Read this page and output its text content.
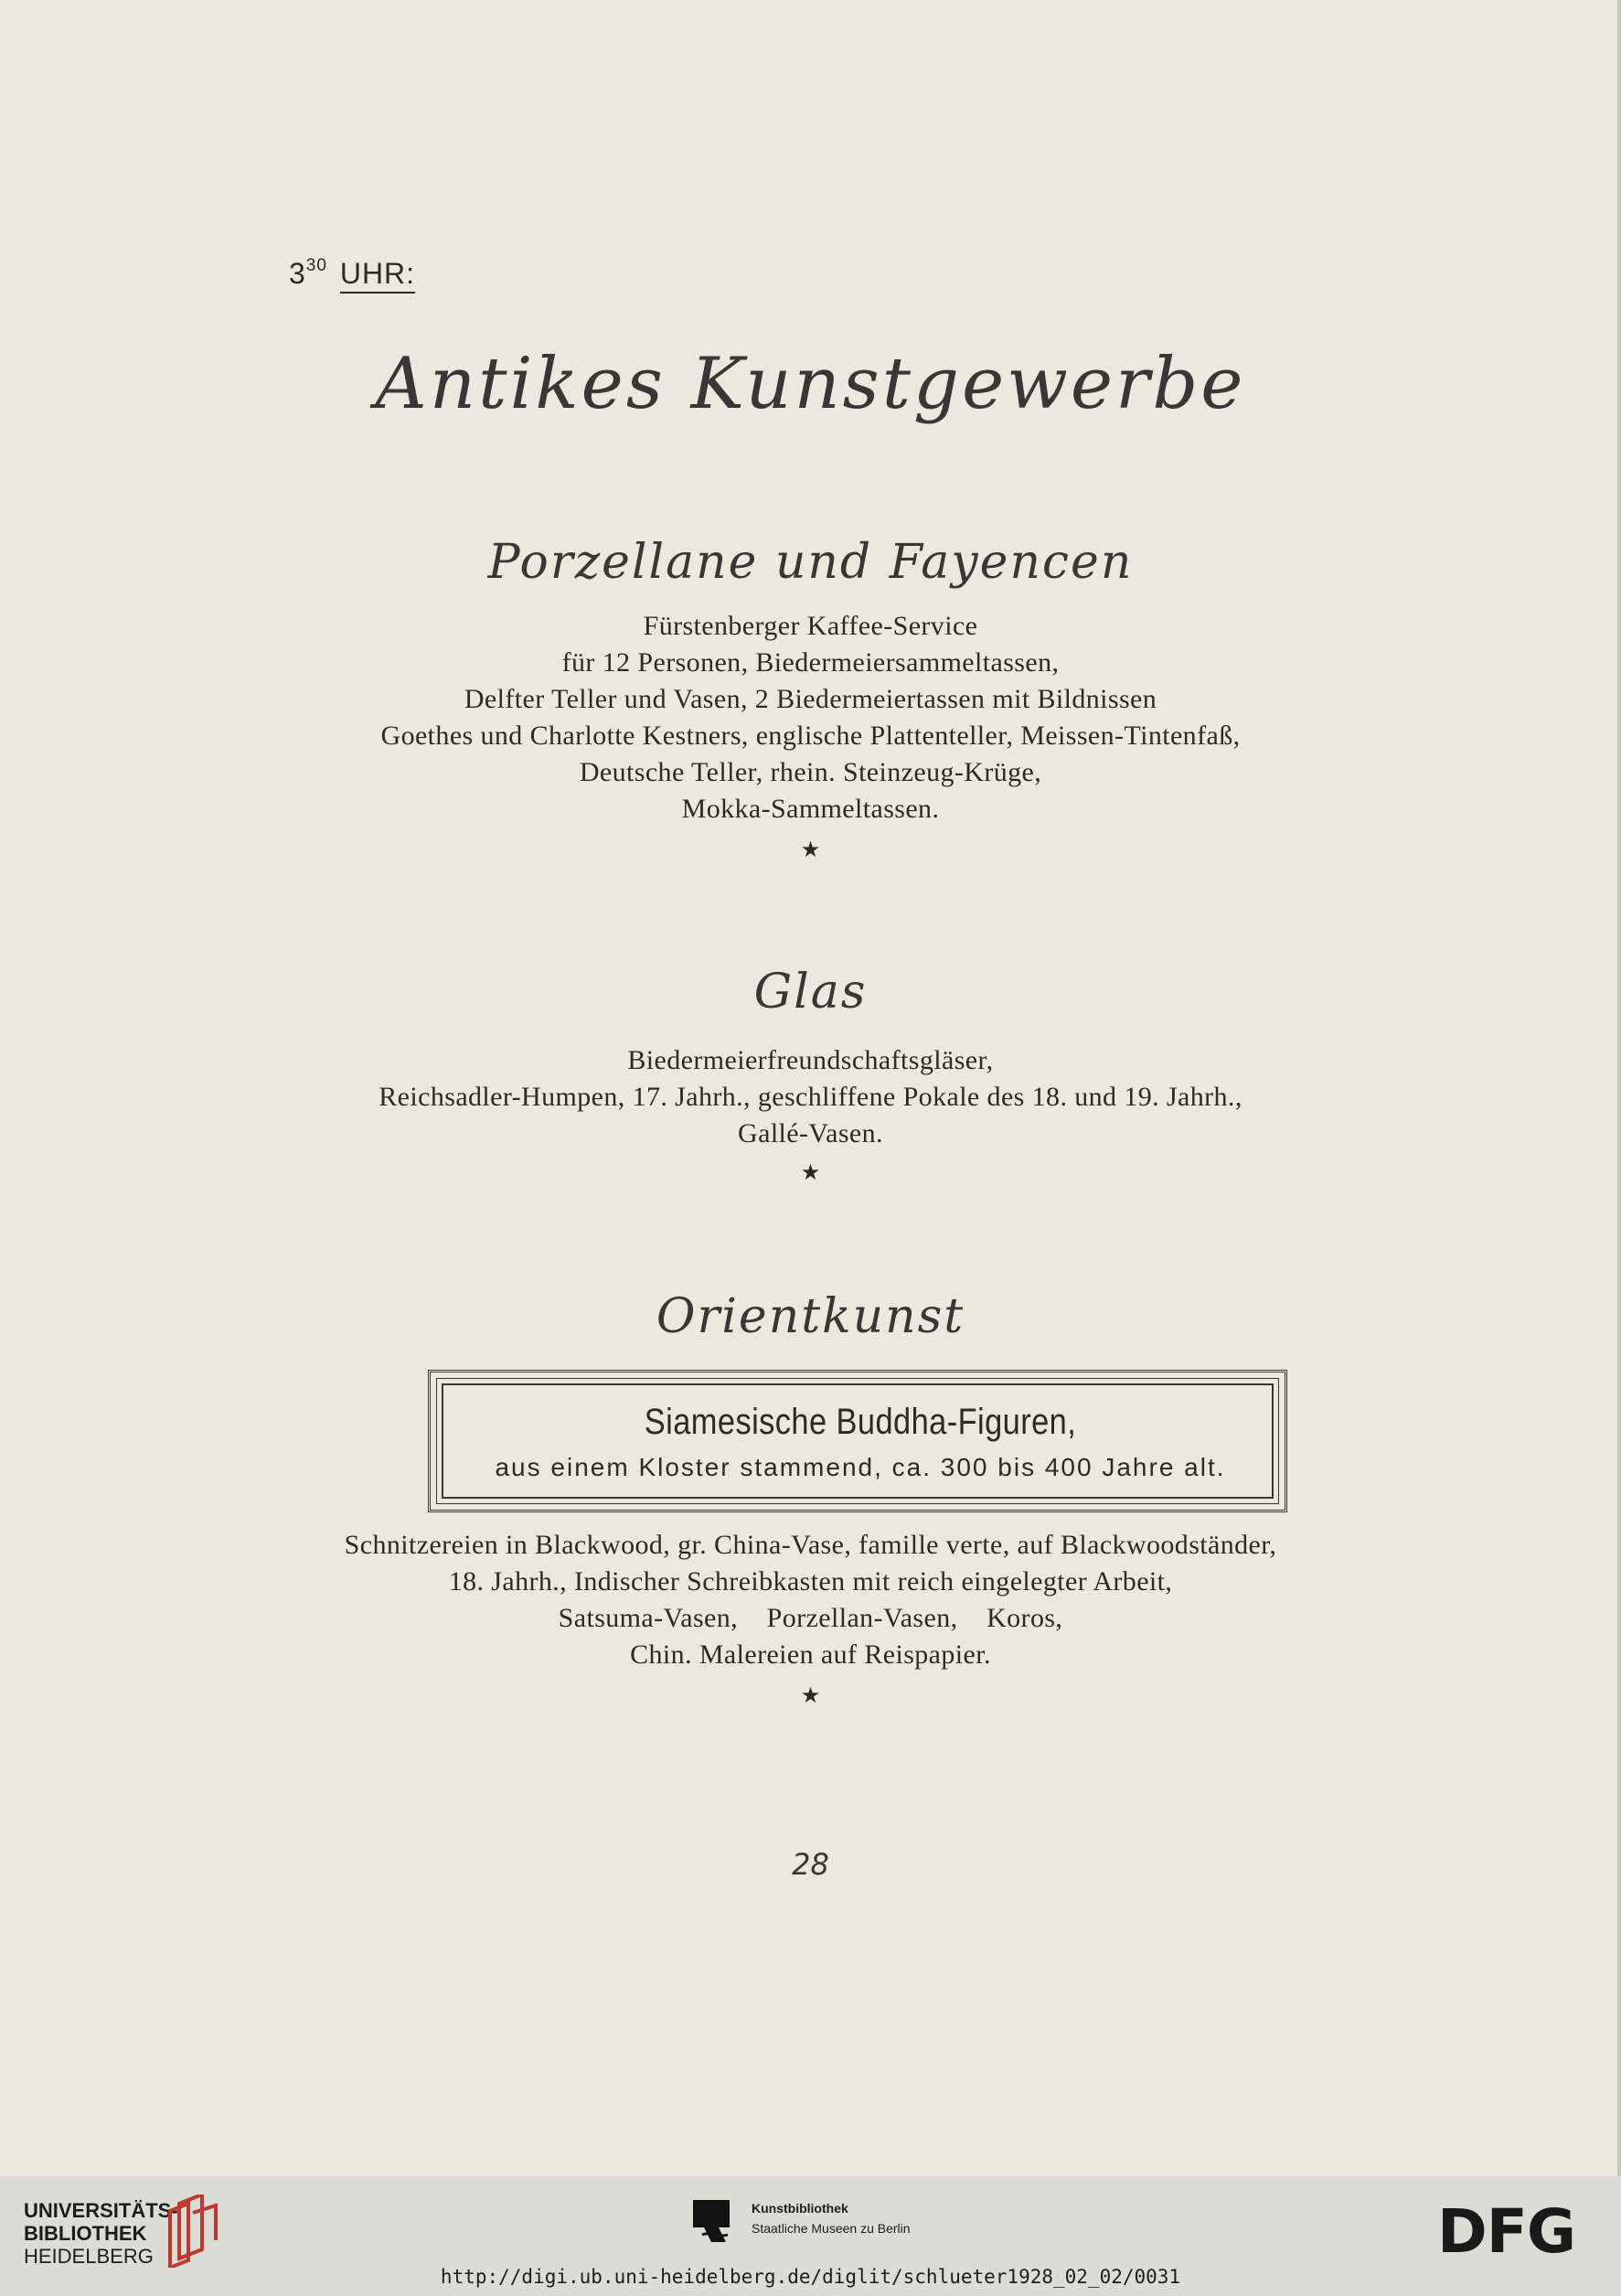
$3^{30}$ UHR:
Antikes Kunstgewerbe
Porzellane und Fayencen
Fürstenberger Kaffee-Service
für 12 Personen, Biedermeiersammeltassen,
Delfter Teller und Vasen, 2 Biedermeiertassen mit Bildnissen
Goethes und Charlotte Kestners, englische Plattenteller, Meissen-Tintenfaß,
Deutsche Teller, rhein. Steinzeug-Krüge,
Mokka-Sammeltassen.
★
Glas
Biedermeierfreundschaftsgläser,
Reichsadler-Humpen, 17. Jahrh., geschliffene Pokale des 18. und 19. Jahrh.,
Gallé-Vasen.
★
Orientkunst
Siamesische Buddha-Figuren,
aus einem Kloster stammend, ca. 300 bis 400 Jahre alt.
Schnitzereien in Blackwood, gr. China-Vase, famille verte, auf Blackwoodständer,
18. Jahrh., Indischer Schreibkasten mit reich eingelegter Arbeit,
Satsuma-Vasen,    Porzellan-Vasen,    Koros,
Chin. Malereien auf Reispapier.
★
28
UNIVERSITÄTS-
BIBLIOTHEK
HEIDELBERG
Kunstbibliothek
Staatliche Museen zu Berlin	DFG
http://digi.ub.uni-heidelberg.de/diglit/schlueter1928_02_02/0031
